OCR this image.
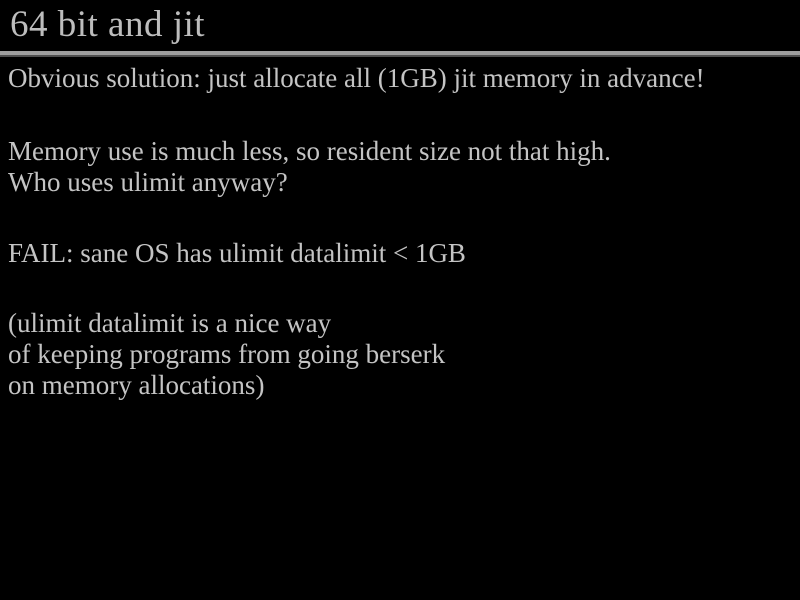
64 bit and jit
Obvious solution: just allocate all (1GB) jit memory in advance!
Memory use is much less, so resident size not that high.
Who uses ulimit anyway?
FAIL: sane OS has ulimit datalimit < 1GB
(ulimit datalimit is a nice way
of keeping programs from going berserk
on memory allocations)
